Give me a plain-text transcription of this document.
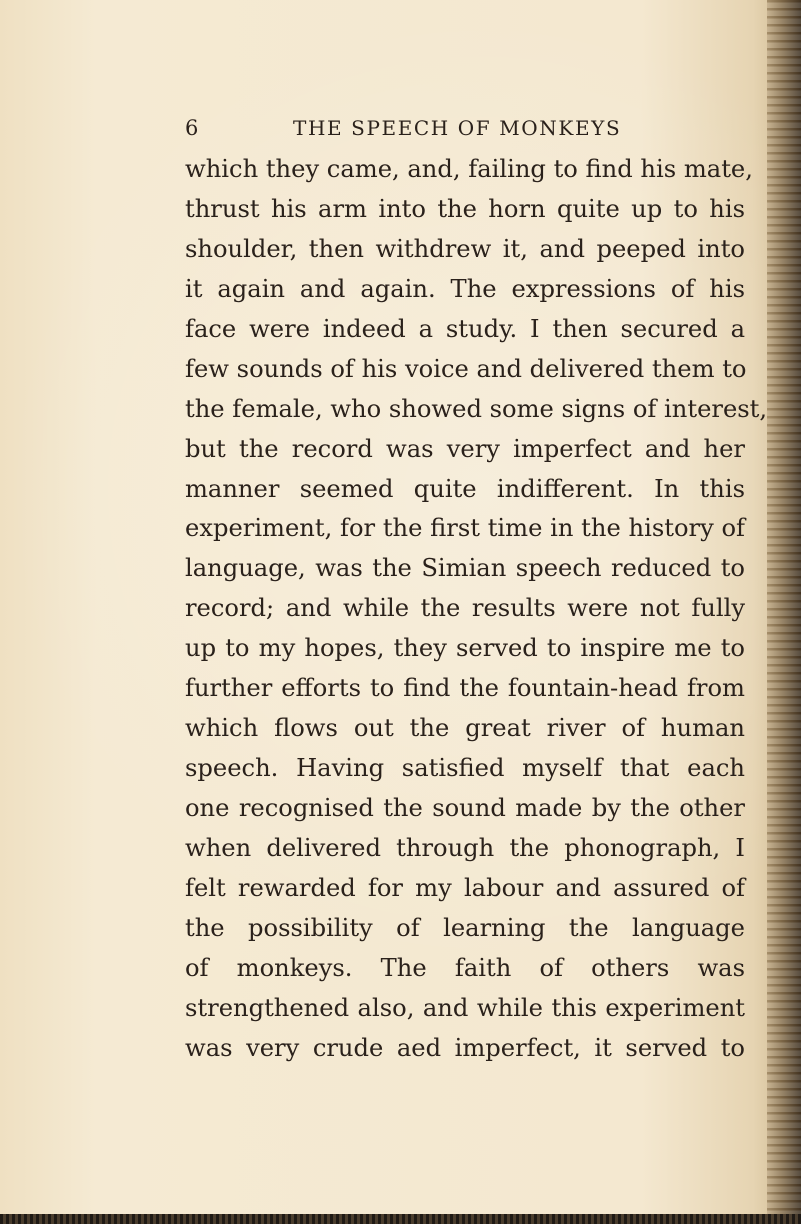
6	THE SPEECH OF MONKEYS
which they came, and, failing to find his mate,
thrust his arm into the horn quite up to his
shoulder, then withdrew it, and peeped into
it again and again. The expressions of his
face were indeed a study. I then secured a
few sounds of his voice and delivered them to
the female, who showed some signs of interest,
but the record was very imperfect and her
manner seemed quite indifferent. In this
experiment, for the first time in the history of
language, was the Simian speech reduced to
record; and while the results were not fully
up to my hopes, they served to inspire me to
further efforts to find the fountain-head from
which flows out the great river of human
speech. Having satisfied myself that each
one recognised the sound made by the other
when delivered through the phonograph, I
felt rewarded for my labour and assured of
the possibility of learning the language
of monkeys. The faith of others was
strengthened also, and while this experiment
was very crude aed imperfect, it served to
